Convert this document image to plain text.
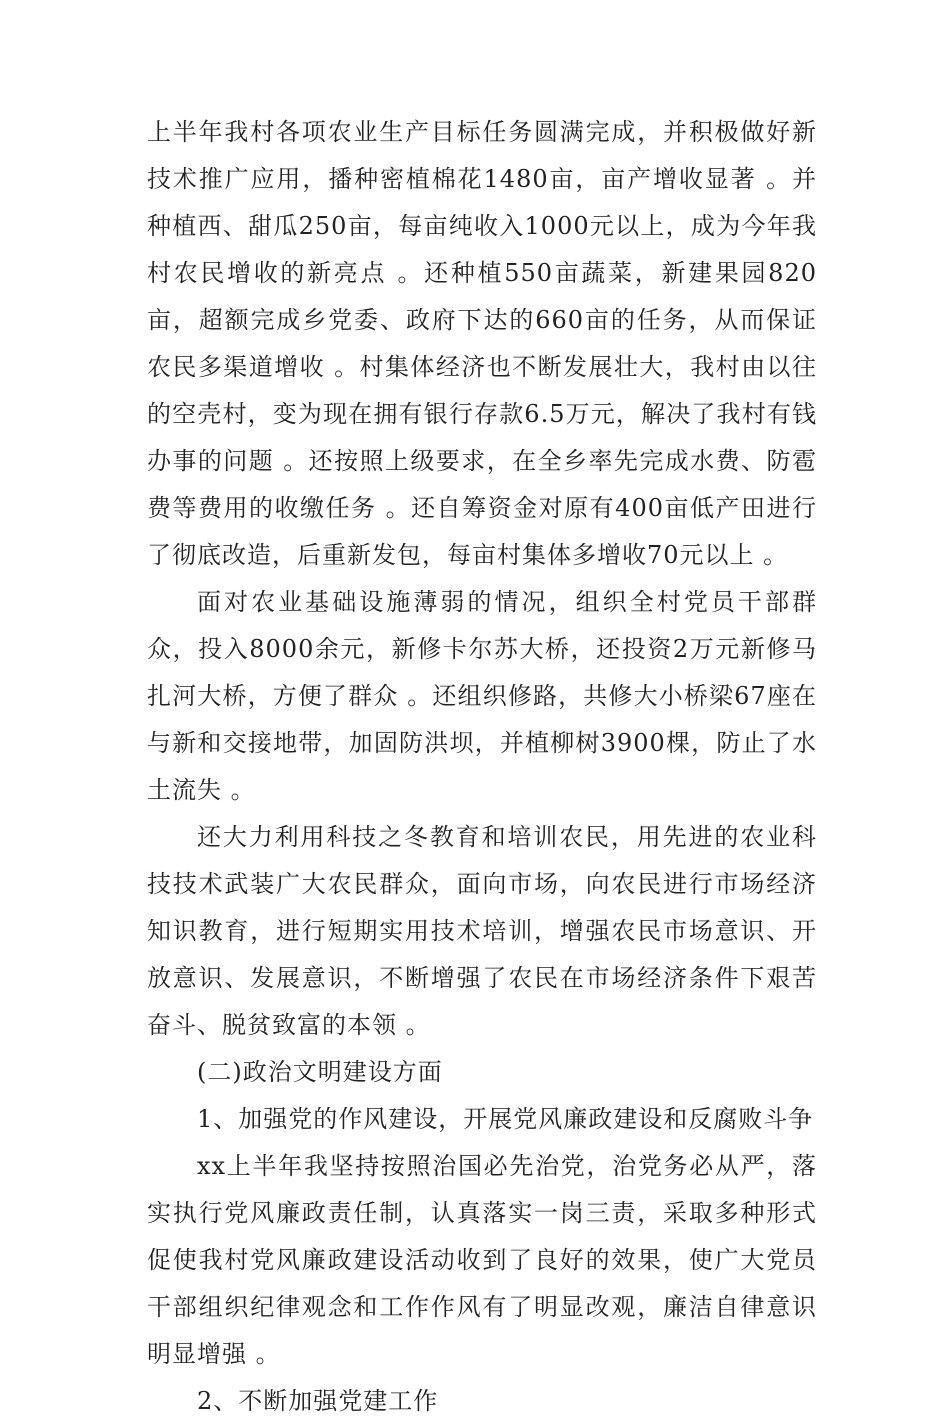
上半年我村各项农业生产目标任务圆满完成，并积极做好新技术推广应用，播种密植棉花1480亩，亩产增收显著 。并种植西、甜瓜250亩，每亩纯收入1000元以上，成为今年我村农民增收的新亮点 。还种植550亩蔬菜，新建果园820亩，超额完成乡党委、政府下达的660亩的任务，从而保证农民多渠道增收 。村集体经济也不断发展壮大，我村由以往的空壳村，变为现在拥有银行存款6.5万元，解决了我村有钱办事的问题 。还按照上级要求，在全乡率先完成水费、防雹费等费用的收缴任务 。还自筹资金对原有400亩低产田进行了彻底改造，后重新发包，每亩村集体多增收70元以上 。

面对农业基础设施薄弱的情况，组织全村党员干部群众，投入8000余元，新修卡尔苏大桥，还投资2万元新修马扎河大桥，方便了群众 。还组织修路，共修大小桥梁67座在与新和交接地带，加固防洪坝，并植柳树3900棵，防止了水土流失 。

还大力利用科技之冬教育和培训农民，用先进的农业科技技术武装广大农民群众，面向市场，向农民进行市场经济知识教育，进行短期实用技术培训，增强农民市场意识、开放意识、发展意识，不断增强了农民在市场经济条件下艰苦奋斗、脱贫致富的本领 。

(二)政治文明建设方面

1、加强党的作风建设，开展党风廉政建设和反腐败斗争

xx上半年我坚持按照治国必先治党，治党务必从严，落实执行党风廉政责任制，认真落实一岗三责，采取多种形式促使我村党风廉政建设活动收到了良好的效果，使广大党员干部组织纪律观念和工作作风有了明显改观，廉洁自律意识明显增强 。

2、不断加强党建工作
